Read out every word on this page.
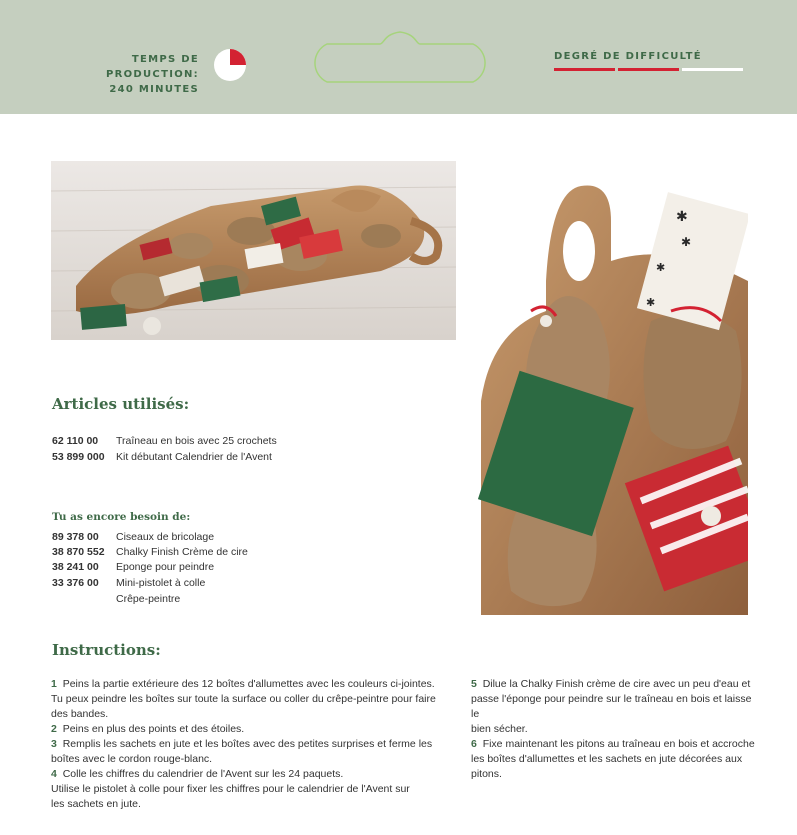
TEMPS DE PRODUCTION:
240 MINUTES
DEGRÉ DE DIFFICULTÉ
✱
✱
✱
✱
Articles utilisés:
62 110 00 Traîneau en bois avec 25 crochets
53 899 000 Kit débutant Calendrier de l'Avent
Tu as encore besoin de:
89 378 00 Ciseaux de bricolage
38 870 552 Chalky Finish Crème de cire
38 241 00 Eponge pour peindre
33 376 00 Mini-pistolet à colle
Crêpe-peintre
Instructions:

1 Peins la partie extérieure des 12 boîtes d'allumettes avec les couleurs ci-jointes.

Tu peux peindre les boîtes sur toute la surface ou coller du crêpe-peintre pour faire

des bandes.

2 Peins en plus des points et des étoiles.

3 Remplis les sachets en jute et les boîtes avec des petites surprises et ferme les

boîtes avec le cordon rouge-blanc.

4 Colle les chiffres du calendrier de l'Avent sur les 24 paquets.

Utilise le pistolet à colle pour fixer les chiffres pour le calendrier de l'Avent sur

les sachets en jute.

5 Dilue la Chalky Finish crème de cire avec un peu d'eau et

passe l'éponge pour peindre sur le traîneau en bois et laisse le

bien sécher.

6 Fixe maintenant les pitons au traîneau en bois et accroche

les boîtes d'allumettes et les sachets en jute décorées aux

pitons.
